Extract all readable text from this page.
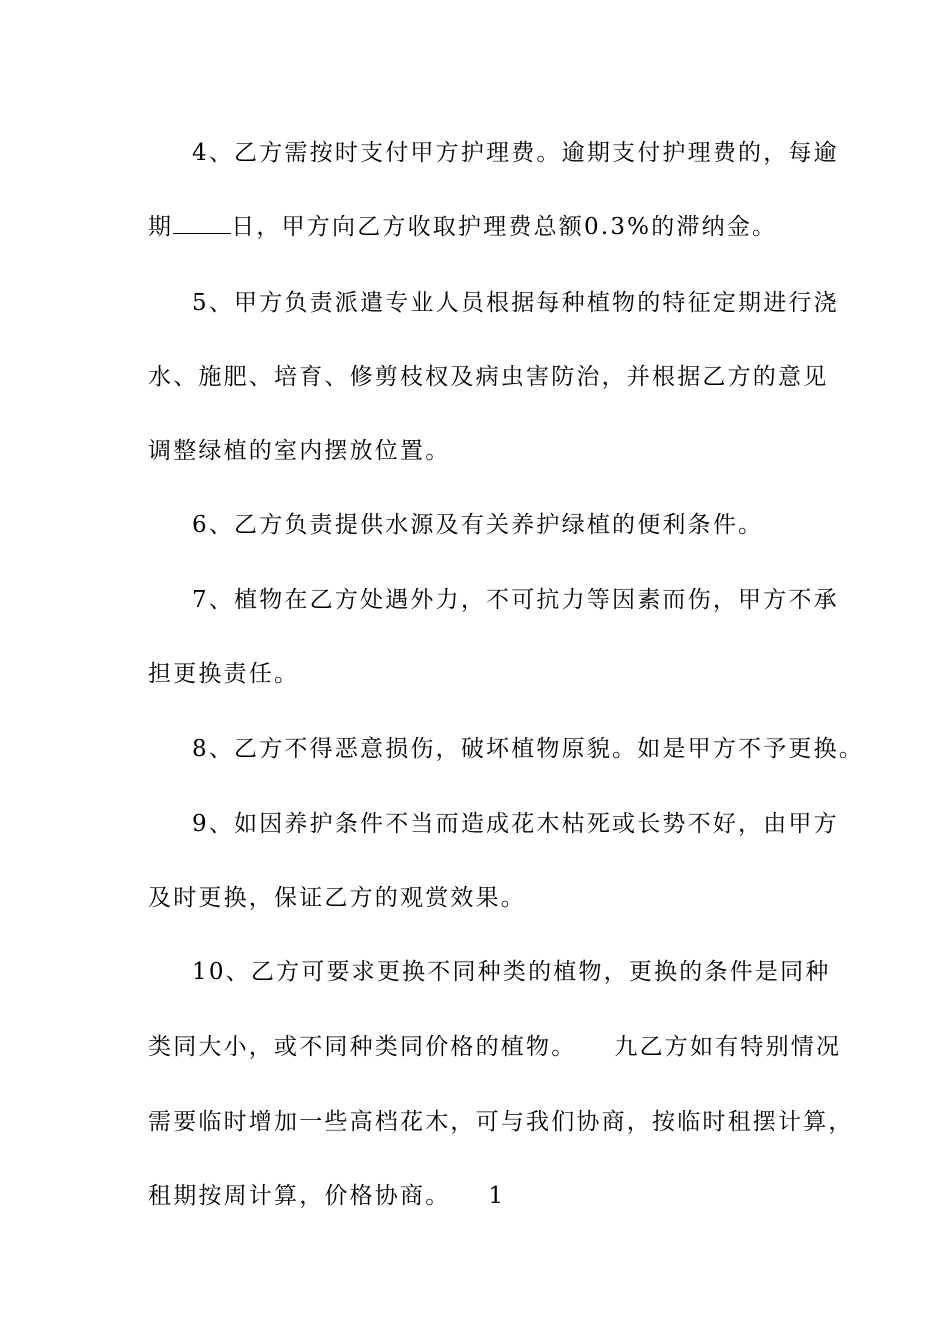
4、乙方需按时支付甲方护理费。逾期支付护理费的，每逾
期	日，甲方向乙方收取护理费总额0.3%的滞纳金。
5、甲方负责派遣专业人员根据每种植物的特征定期进行浇
水、施肥、培育、修剪枝杈及病虫害防治，并根据乙方的意见
调整绿植的室内摆放位置。
6、乙方负责提供水源及有关养护绿植的便利条件。
7、植物在乙方处遇外力，不可抗力等因素而伤，甲方不承
担更换责任。
8、乙方不得恶意损伤，破坏植物原貌。如是甲方不予更换。
9、如因养护条件不当而造成花木枯死或长势不好，由甲方
及时更换，保证乙方的观赏效果。
10、乙方可要求更换不同种类的植物，更换的条件是同种
类同大小，或不同种类同价格的植物。 九乙方如有特别情况
需要临时增加一些高档花木，可与我们协商，按临时租摆计算，
租期按周计算，价格协商。 1
